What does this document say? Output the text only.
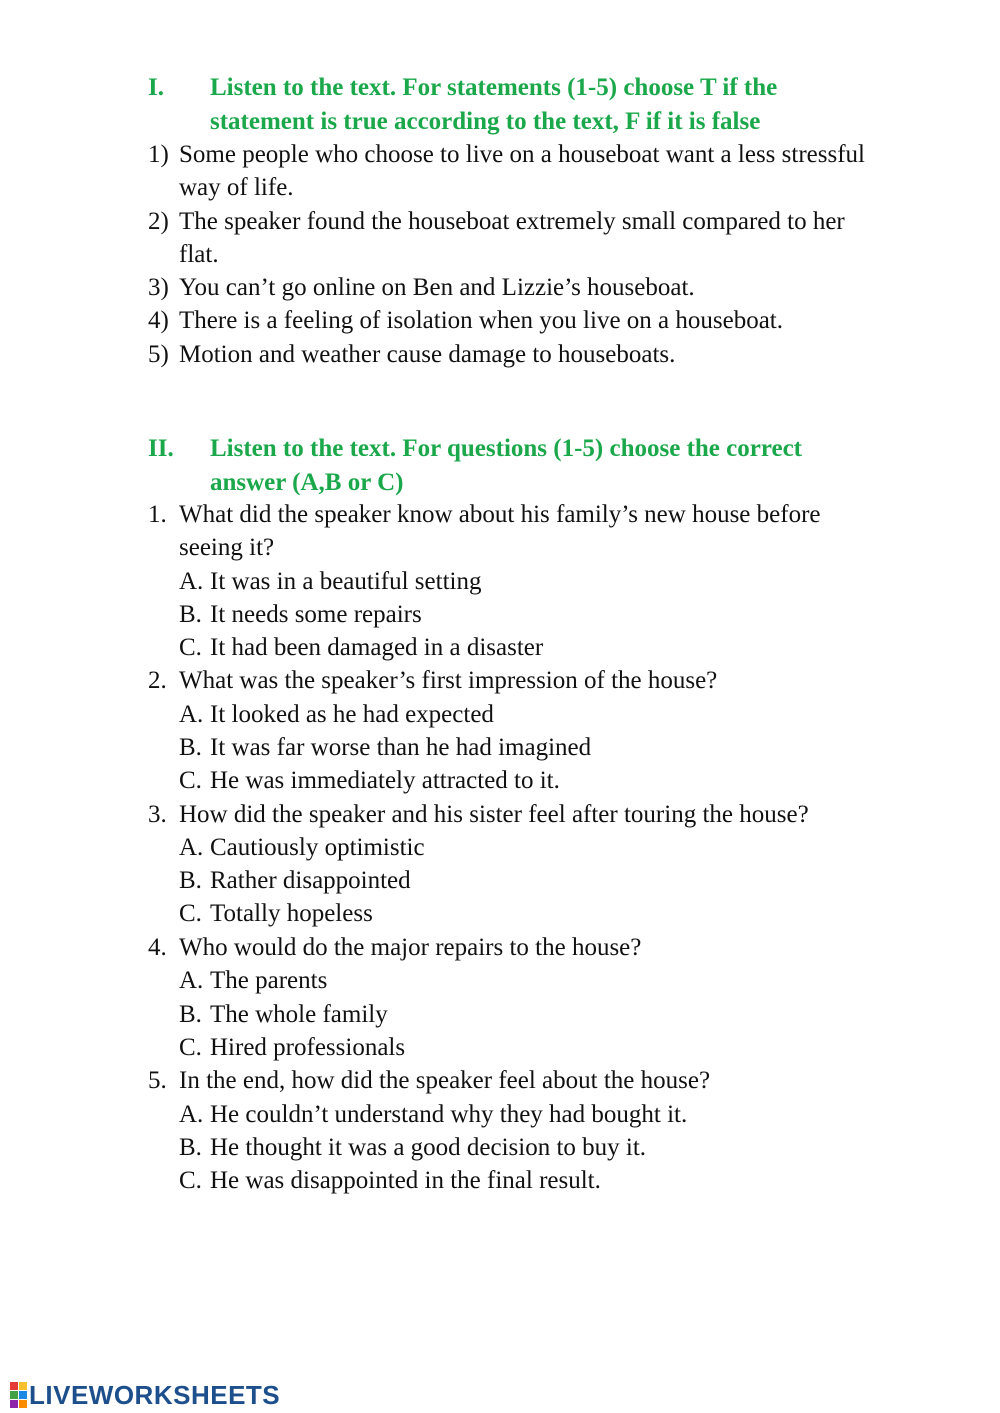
I. Listen to the text. For statements (1-5) choose T if the
statement is true according to the text, F if it is false
1) Some people who choose to live on a houseboat want a less stressful
way of life.
2) The speaker found the houseboat extremely small compared to her
flat.
3) You can’t go online on Ben and Lizzie’s houseboat.
4) There is a feeling of isolation when you live on a houseboat.
5) Motion and weather cause damage to houseboats.
II. Listen to the text. For questions (1-5) choose the correct
answer (A,B or C)
1. What did the speaker know about his family’s new house before
seeing it?
A. It was in a beautiful setting
B. It needs some repairs
C. It had been damaged in a disaster
2. What was the speaker’s first impression of the house?
A. It looked as he had expected
B. It was far worse than he had imagined
C. He was immediately attracted to it.
3. How did the speaker and his sister feel after touring the house?
A. Cautiously optimistic
B. Rather disappointed
C. Totally hopeless
4. Who would do the major repairs to the house?
A. The parents
B. The whole family
C. Hired professionals
5. In the end, how did the speaker feel about the house?
A. He couldn’t understand why they had bought it.
B. He thought it was a good decision to buy it.
C. He was disappointed in the final result.
LIVEWORKSHEETS
